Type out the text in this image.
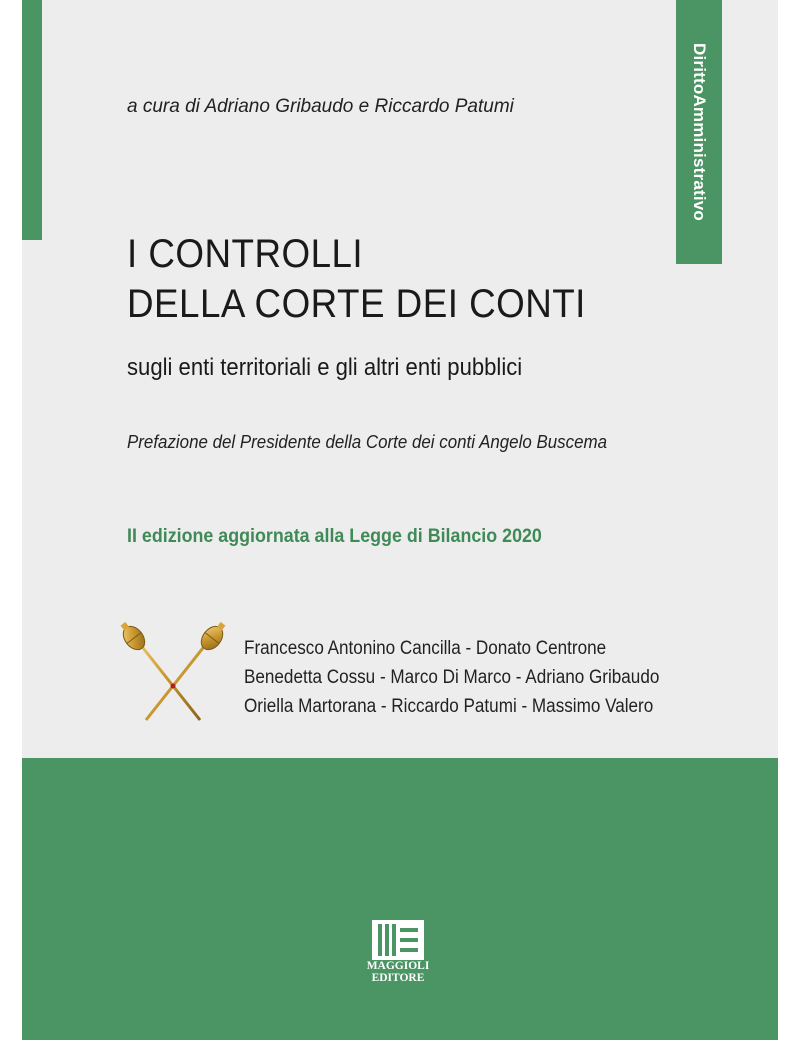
DirittoAmministrativo
a cura di Adriano Gribaudo e Riccardo Patumi
I CONTROLLI
DELLA CORTE DEI CONTI
sugli enti territoriali e gli altri enti pubblici
Prefazione del Presidente della Corte dei conti Angelo Buscema
II edizione aggiornata alla Legge di Bilancio 2020
Francesco Antonino Cancilla - Donato Centrone
Benedetta Cossu - Marco Di Marco - Adriano Gribaudo
Oriella Martorana - Riccardo Patumi - Massimo Valero
MAGGIOLI
EDITORE
